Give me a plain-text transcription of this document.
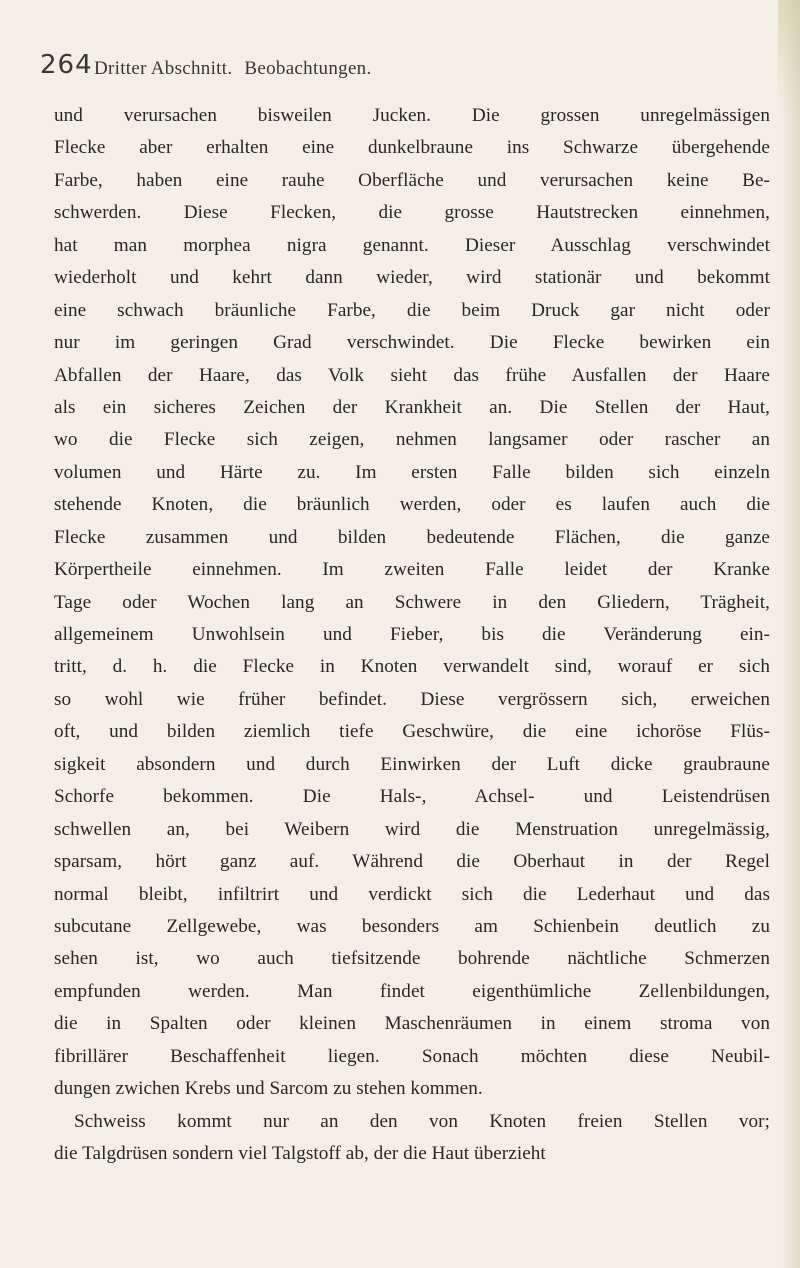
264 Dritter Abschnitt. Beobachtungen.
und verursachen bisweilen Jucken. Die grossen unregelmässigen
Flecke aber erhalten eine dunkelbraune ins Schwarze übergehende
Farbe, haben eine rauhe Oberfläche und verursachen keine Be-
schwerden. Diese Flecken, die grosse Hautstrecken einnehmen,
hat man morphea nigra genannt. Dieser Ausschlag verschwindet
wiederholt und kehrt dann wieder, wird stationär und bekommt
eine schwach bräunliche Farbe, die beim Druck gar nicht oder
nur im geringen Grad verschwindet. Die Flecke bewirken ein
Abfallen der Haare, das Volk sieht das frühe Ausfallen der Haare
als ein sicheres Zeichen der Krankheit an. Die Stellen der Haut,
wo die Flecke sich zeigen, nehmen langsamer oder rascher an
volumen und Härte zu. Im ersten Falle bilden sich einzeln
stehende Knoten, die bräunlich werden, oder es laufen auch die
Flecke zusammen und bilden bedeutende Flächen, die ganze
Körpertheile einnehmen. Im zweiten Falle leidet der Kranke
Tage oder Wochen lang an Schwere in den Gliedern, Trägheit,
allgemeinem Unwohlsein und Fieber, bis die Veränderung ein-
tritt, d. h. die Flecke in Knoten verwandelt sind, worauf er sich
so wohl wie früher befindet. Diese vergrössern sich, erweichen
oft, und bilden ziemlich tiefe Geschwüre, die eine ichoröse Flüs-
sigkeit absondern und durch Einwirken der Luft dicke graubraune
Schorfe bekommen. Die Hals-, Achsel- und Leistendrüsen
schwellen an, bei Weibern wird die Menstruation unregelmässig,
sparsam, hört ganz auf. Während die Oberhaut in der Regel
normal bleibt, infiltrirt und verdickt sich die Lederhaut und das
subcutane Zellgewebe, was besonders am Schienbein deutlich zu
sehen ist, wo auch tiefsitzende bohrende nächtliche Schmerzen
empfunden werden. Man findet eigenthümliche Zellenbildungen,
die in Spalten oder kleinen Maschenräumen in einem stroma von
fibrillärer Beschaffenheit liegen. Sonach möchten diese Neubil-
dungen zwichen Krebs und Sarcom zu stehen kommen.
Schweiss kommt nur an den von Knoten freien Stellen vor;
die Talgdrüsen sondern viel Talgstoff ab, der die Haut überzieht
